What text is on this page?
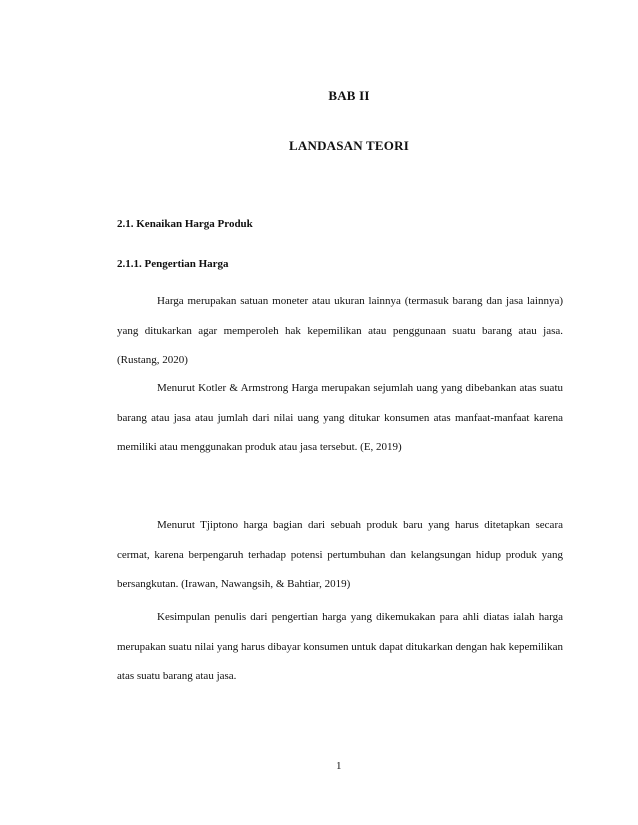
BAB II
LANDASAN TEORI
2.1. Kenaikan Harga Produk
2.1.1. Pengertian Harga

Harga merupakan satuan moneter atau ukuran lainnya (termasuk barang dan jasa lainnya) yang ditukarkan agar memperoleh hak kepemilikan atau penggunaan suatu barang atau jasa.(Rustang, 2020)

Menurut Kotler & Armstrong Harga merupakan sejumlah uang yang dibebankan atas suatu barang atau jasa atau jumlah dari nilai uang yang ditukar konsumen atas manfaat-manfaat karena memiliki atau menggunakan produk atau jasa tersebut. (E, 2019)

Menurut Tjiptono harga bagian dari sebuah produk baru yang harus ditetapkan secara cermat, karena berpengaruh terhadap potensi pertumbuhan dan kelangsungan hidup produk yang bersangkutan. (Irawan, Nawangsih, & Bahtiar, 2019)

Kesimpulan penulis dari pengertian harga yang dikemukakan para ahli diatas ialah harga merupakan suatu nilai yang harus dibayar konsumen untuk dapat ditukarkan dengan hak kepemilikan atas suatu barang atau jasa.

1
